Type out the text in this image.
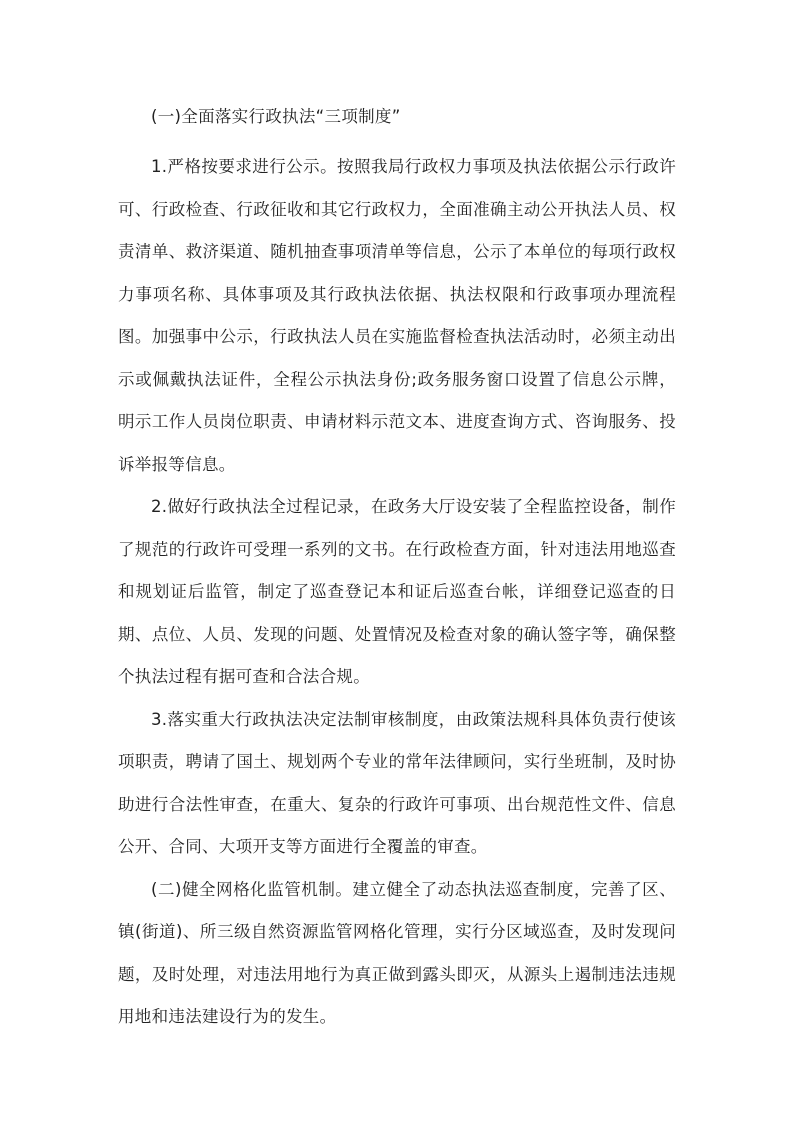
(一)全面落实行政执法“三项制度”

1.严格按要求进行公示。按照我局行政权力事项及执法依据公示行政许可、行政检查、行政征收和其它行政权力，全面准确主动公开执法人员、权责清单、救济渠道、随机抽查事项清单等信息，公示了本单位的每项行政权力事项名称、具体事项及其行政执法依据、执法权限和行政事项办理流程图。加强事中公示，行政执法人员在实施监督检查执法活动时，必须主动出示或佩戴执法证件，全程公示执法身份;政务服务窗口设置了信息公示牌，明示工作人员岗位职责、申请材料示范文本、进度查询方式、咨询服务、投诉举报等信息。

2.做好行政执法全过程记录，在政务大厅设安装了全程监控设备，制作了规范的行政许可受理一系列的文书。在行政检查方面，针对违法用地巡查和规划证后监管，制定了巡查登记本和证后巡查台帐，详细登记巡查的日期、点位、人员、发现的问题、处置情况及检查对象的确认签字等，确保整个执法过程有据可查和合法合规。

3.落实重大行政执法决定法制审核制度，由政策法规科具体负责行使该项职责，聘请了国土、规划两个专业的常年法律顾问，实行坐班制，及时协助进行合法性审查，在重大、复杂的行政许可事项、出台规范性文件、信息公开、合同、大项开支等方面进行全覆盖的审查。

(二)健全网格化监管机制。建立健全了动态执法巡查制度，完善了区、镇(街道)、所三级自然资源监管网格化管理，实行分区域巡查，及时发现问题，及时处理，对违法用地行为真正做到露头即灭，从源头上遏制违法违规用地和违法建设行为的发生。
